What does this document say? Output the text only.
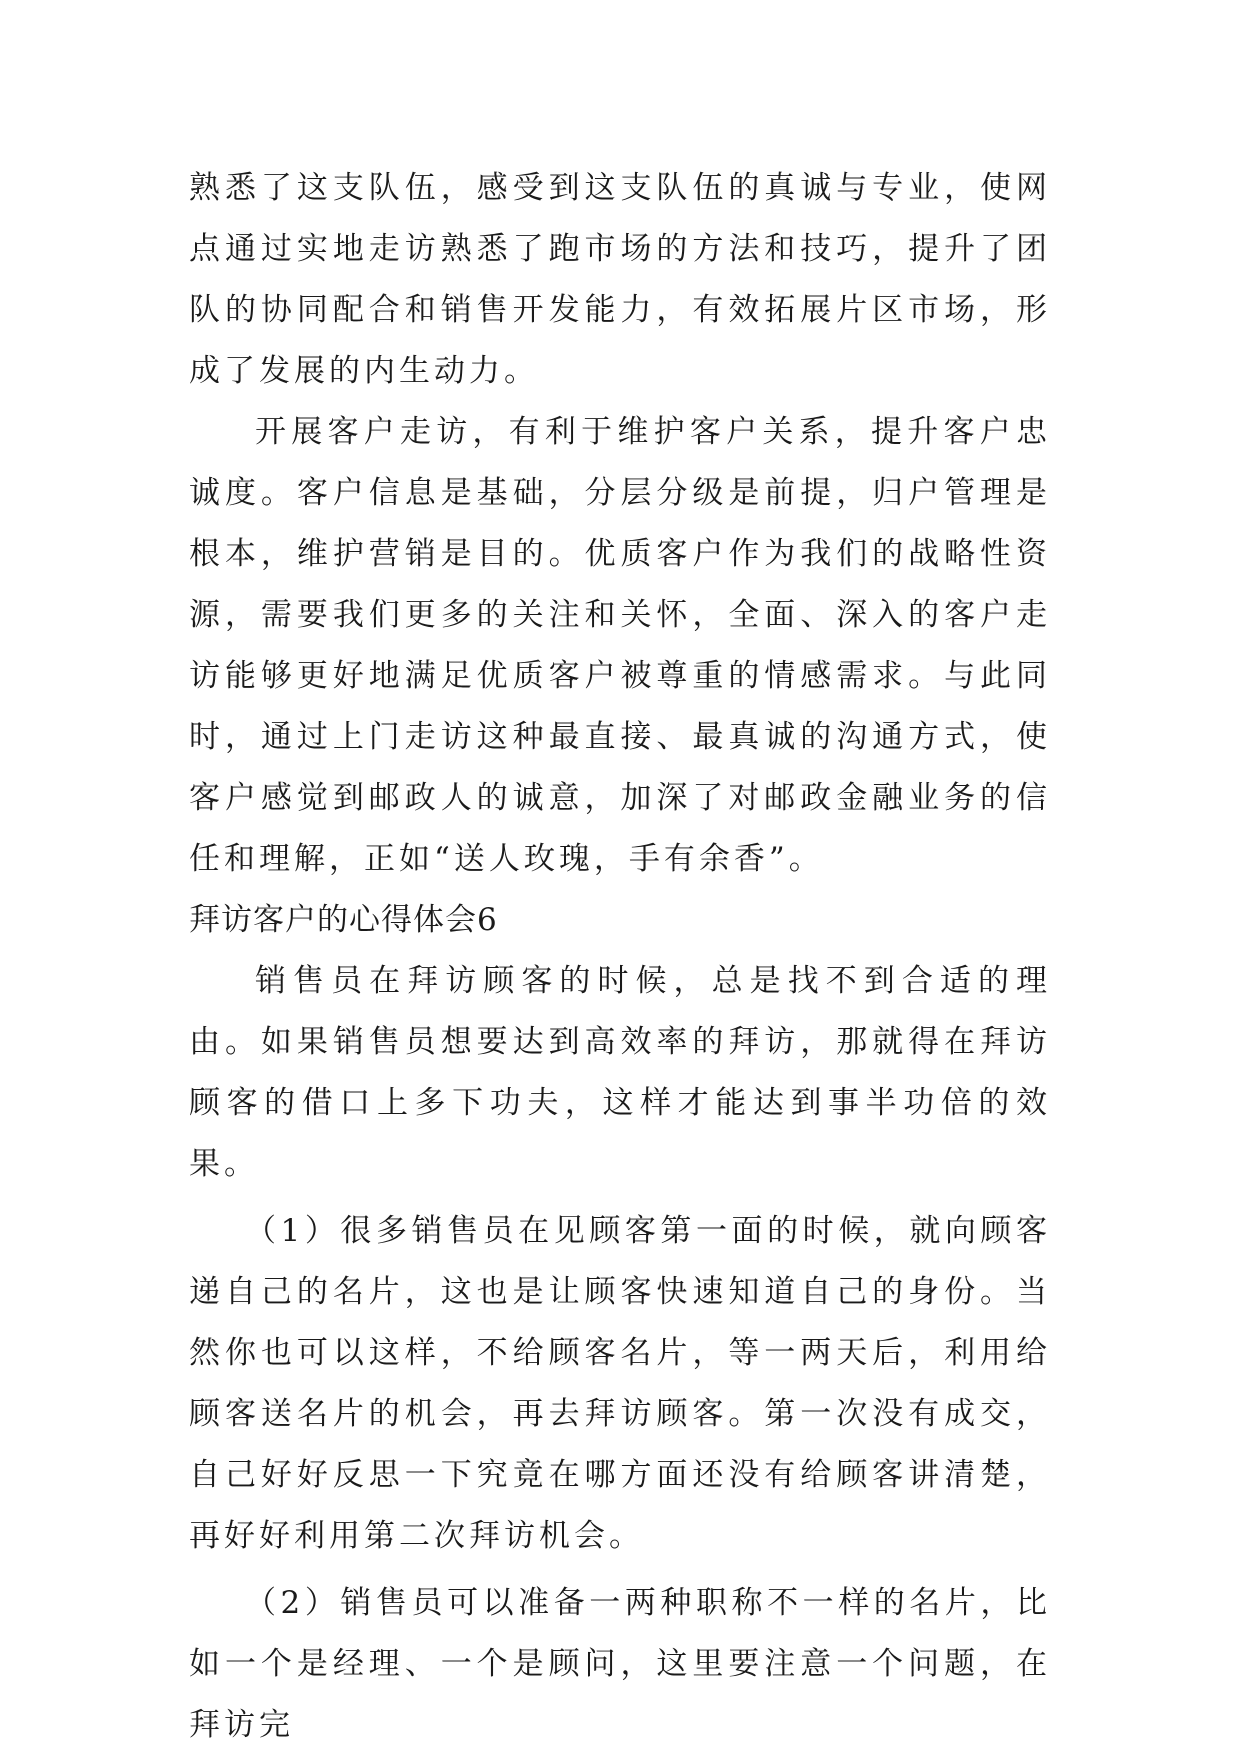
熟悉了这支队伍，感受到这支队伍的真诚与专业，使网点通过实地走访熟悉了跑市场的方法和技巧，提升了团队的协同配合和销售开发能力，有效拓展片区市场，形成了发展的内生动力。

开展客户走访，有利于维护客户关系，提升客户忠诚度。客户信息是基础，分层分级是前提，归户管理是根本，维护营销是目的。优质客户作为我们的战略性资源，需要我们更多的关注和关怀，全面、深入的客户走访能够更好地满足优质客户被尊重的情感需求。与此同时，通过上门走访这种最直接、最真诚的沟通方式，使客户感觉到邮政人的诚意，加深了对邮政金融业务的信任和理解，正如“送人玫瑰，手有余香”。

拜访客户的心得体会6

销售员在拜访顾客的时候，总是找不到合适的理由。如果销售员想要达到高效率的拜访，那就得在拜访顾客的借口上多下功夫，这样才能达到事半功倍的效果。

（1）很多销售员在见顾客第一面的时候，就向顾客递自己的名片，这也是让顾客快速知道自己的身份。当然你也可以这样，不给顾客名片，等一两天后，利用给顾客送名片的机会，再去拜访顾客。第一次没有成交，自己好好反思一下究竟在哪方面还没有给顾客讲清楚，再好好利用第二次拜访机会。

（2）销售员可以准备一两种职称不一样的名片，比如一个是经理、一个是顾问，这里要注意一个问题，在拜访完
